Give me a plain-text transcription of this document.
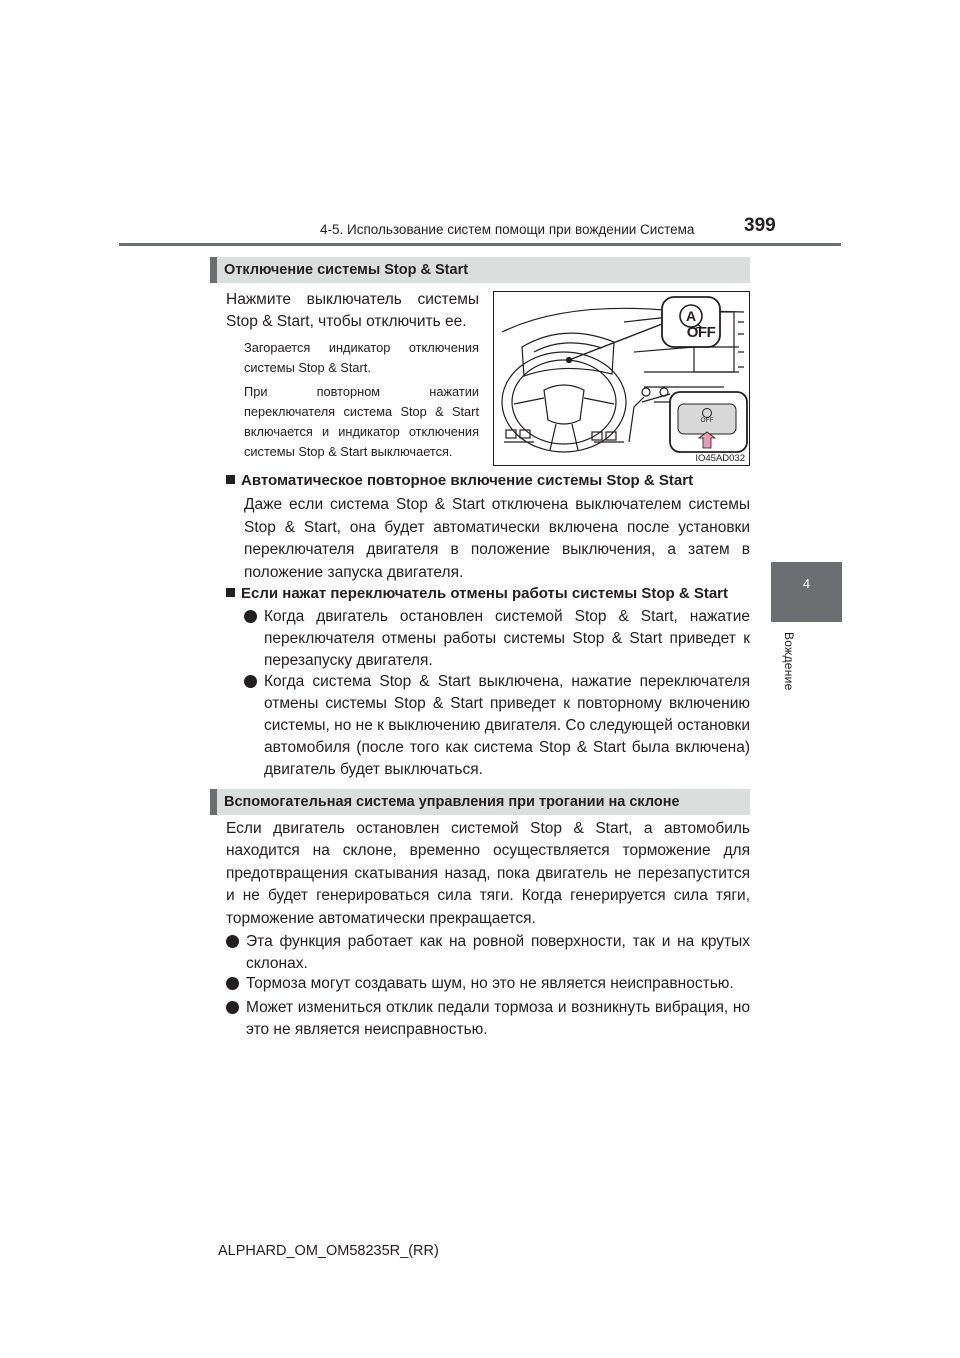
4-5. Использование систем помощи при вождении Система	399
4
Вождение
Отключение системы Stop & Start
Нажмите выключатель системы
Stop & Start, чтобы отключить ее.
Загорается индикатор отключения системы Stop & Start.
При повторном нажатии переключателя система Stop & Start включается и индикатор отключения системы Stop & Start выключается.
A
OFF
OFF
IO45AD032
Автоматическое повторное включение системы Stop & Start
Даже если система Stop & Start отключена выключателем системы Stop & Start, она будет автоматически включена после установки переключателя двигателя в положение выключения, а затем в положение запуска двигателя.
Если нажат переключатель отмены работы системы Stop & Start
Когда двигатель остановлен системой Stop & Start, нажатие переключателя отмены работы системы Stop & Start приведет к перезапуску двигателя.
Когда система Stop & Start выключена, нажатие переключателя отмены системы Stop & Start приведет к повторному включению системы, но не к выключению двигателя. Со следующей остановки автомобиля (после того как система Stop & Start была включена) двигатель будет выключаться.
Вспомогательная система управления при трогании на склоне
Если двигатель остановлен системой Stop & Start, а автомобиль находится на склоне, временно осуществляется торможение для предотвращения скатывания назад, пока двигатель не перезапустится и не будет генерироваться сила тяги. Когда генерируется сила тяги, торможение автоматически прекращается.
Эта функция работает как на ровной поверхности, так и на крутых склонах.
Тормоза могут создавать шум, но это не является неисправностью.
Может измениться отклик педали тормоза и возникнуть вибрация, но это не является неисправностью.
ALPHARD_OM_OM58235R_(RR)
